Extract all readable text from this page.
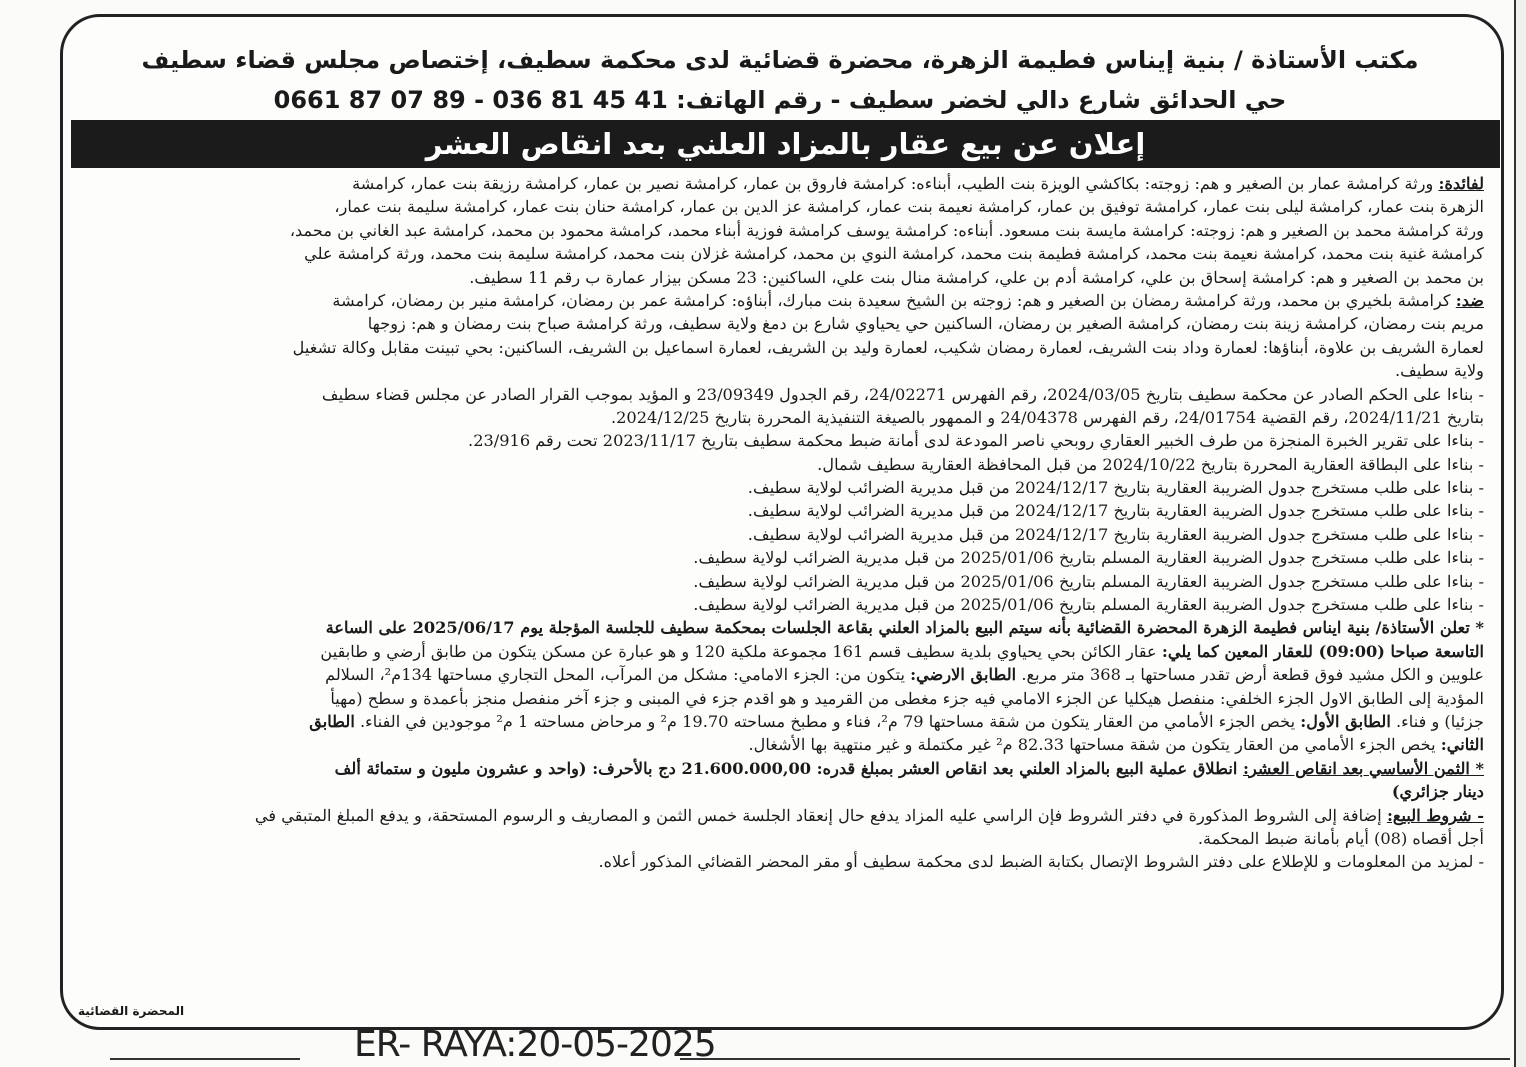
مكتب الأستاذة / بنية إيناس فطيمة الزهرة، محضرة قضائية لدى محكمة سطيف، إختصاص مجلس قضاء سطيف
حي الحدائق شارع دالي لخضر سطيف - رقم الهاتف: 41 45 81 036 - 89 07 87 0661
إعلان عن بيع عقار بالمزاد العلني بعد انقاص العشر
لفائدة: ورثة كرامشة عمار بن الصغير و هم: زوجته: بكاكشي الويزة بنت الطيب، أبناءه: كرامشة فاروق بن عمار، كرامشة نصير بن عمار، كرامشة رزيقة بنت عمار، كرامشة
الزهرة بنت عمار، كرامشة ليلى بنت عمار، كرامشة توفيق بن عمار، كرامشة نعيمة بنت عمار، كرامشة عز الدين بن عمار، كرامشة حنان بنت عمار، كرامشة سليمة بنت عمار،
ورثة كرامشة محمد بن الصغير و هم: زوجته: كرامشة مايسة بنت مسعود. أبناءه: كرامشة يوسف كرامشة فوزية أبناء محمد، كرامشة محمود بن محمد، كرامشة عبد الغاني بن محمد،
كرامشة غنية بنت محمد، كرامشة نعيمة بنت محمد، كرامشة فطيمة بنت محمد، كرامشة النوي بن محمد، كرامشة غزلان بنت محمد، كرامشة سليمة بنت محمد، ورثة كرامشة علي
بن محمد بن الصغير و هم: كرامشة إسحاق بن علي، كرامشة أدم بن علي، كرامشة منال بنت علي، الساكنين: 23 مسكن بيزار عمارة ب رقم 11 سطيف.
ضد: كرامشة بلخيري بن محمد، ورثة كرامشة رمضان بن الصغير و هم: زوجته بن الشيخ سعيدة بنت مبارك، أبناؤه: كرامشة عمر بن رمضان، كرامشة منير بن رمضان، كرامشة
مريم بنت رمضان، كرامشة زينة بنت رمضان، كرامشة الصغير بن رمضان، الساكنين حي يحياوي شارع بن دمغ ولاية سطيف، ورثة كرامشة صباح بنت رمضان و هم: زوجها
لعمارة الشريف بن علاوة، أبناؤها: لعمارة وداد بنت الشريف، لعمارة رمضان شكيب، لعمارة وليد بن الشريف، لعمارة اسماعيل بن الشريف، الساكنين: بحي تبينت مقابل وكالة تشغيل
ولاية سطيف.
- بناءا على الحكم الصادر عن محكمة سطيف بتاريخ 2024/03/05، رقم الفهرس 24/02271، رقم الجدول 23/09349 و المؤيد بموجب القرار الصادر عن مجلس قضاء سطيف
بتاريخ 2024/11/21، رقم القضية 24/01754، رقم الفهرس 24/04378 و الممهور بالصيغة التنفيذية المحررة بتاريخ 2024/12/25.
- بناءا على تقرير الخبرة المنجزة من طرف الخبير العقاري روبحي ناصر المودعة لدى أمانة ضبط محكمة سطيف بتاريخ 2023/11/17 تحت رقم 23/916.
- بناءا على البطاقة العقارية المحررة بتاريخ 2024/10/22 من قبل المحافظة العقارية سطيف شمال.
- بناءا على طلب مستخرج جدول الضريبة العقارية بتاريخ 2024/12/17 من قبل مديرية الضرائب لولاية سطيف.
- بناءا على طلب مستخرج جدول الضريبة العقارية بتاريخ 2024/12/17 من قبل مديرية الضرائب لولاية سطيف.
- بناءا على طلب مستخرج جدول الضريبة العقارية بتاريخ 2024/12/17 من قبل مديرية الضرائب لولاية سطيف.
- بناءا على طلب مستخرج جدول الضريبة العقارية المسلم بتاريخ 2025/01/06 من قبل مديرية الضرائب لولاية سطيف.
- بناءا على طلب مستخرج جدول الضريبة العقارية المسلم بتاريخ 2025/01/06 من قبل مديرية الضرائب لولاية سطيف.
- بناءا على طلب مستخرج جدول الضريبة العقارية المسلم بتاريخ 2025/01/06 من قبل مديرية الضرائب لولاية سطيف.
* تعلن الأستاذة/ بنية ايناس فطيمة الزهرة المحضرة القضائية بأنه سيتم البيع بالمزاد العلني بقاعة الجلسات بمحكمة سطيف للجلسة المؤجلة يوم 2025/06/17 على الساعة
التاسعة صباحا (09:00) للعقار المعين كما يلي: عقار الكائن بحي يحياوي بلدية سطيف قسم 161 مجموعة ملكية 120 و هو عبارة عن مسكن يتكون من طابق أرضي و طابقين
علويين و الكل مشيد فوق قطعة أرض تقدر مساحتها بـ 368 متر مربع. الطابق الارضي: يتكون من: الجزء الامامي: مشكل من المرآب، المحل التجاري مساحتها 134م²، السلالم
المؤدية إلى الطابق الاول الجزء الخلفي: منفصل هيكليا عن الجزء الامامي فيه جزء مغطى من القرميد و هو اقدم جزء في المبنى و جزء آخر منفصل منجز بأعمدة و سطح (مهيأ
جزئيا) و فناء. الطابق الأول: يخص الجزء الأمامي من العقار يتكون من شقة مساحتها 79 م²، فناء و مطبخ مساحته 19.70 م² و مرحاض مساحته 1 م² موجودين في الفناء. الطابق
الثاني: يخص الجزء الأمامي من العقار يتكون من شقة مساحتها 82.33 م² غير مكتملة و غير منتهية بها الأشغال.
* الثمن الأساسي بعد انقاص العشر: انطلاق عملية البيع بالمزاد العلني بعد انقاص العشر بمبلغ قدره: 21.600.000,00 دج بالأحرف: (واحد و عشرون مليون و ستمائة ألف
دينار جزائري)
- شروط البيع: إضافة إلى الشروط المذكورة في دفتر الشروط فإن الراسي عليه المزاد يدفع حال إنعقاد الجلسة خمس الثمن و المصاريف و الرسوم المستحقة، و يدفع المبلغ المتبقي في
أجل أقصاه (08) أيام بأمانة ضبط المحكمة.
- لمزيد من المعلومات و للإطلاع على دفتر الشروط الإتصال بكتابة الضبط لدى محكمة سطيف أو مقر المحضر القضائي المذكور أعلاه.
المحضرة القضائية
ER- RAYA:20-05-2025
